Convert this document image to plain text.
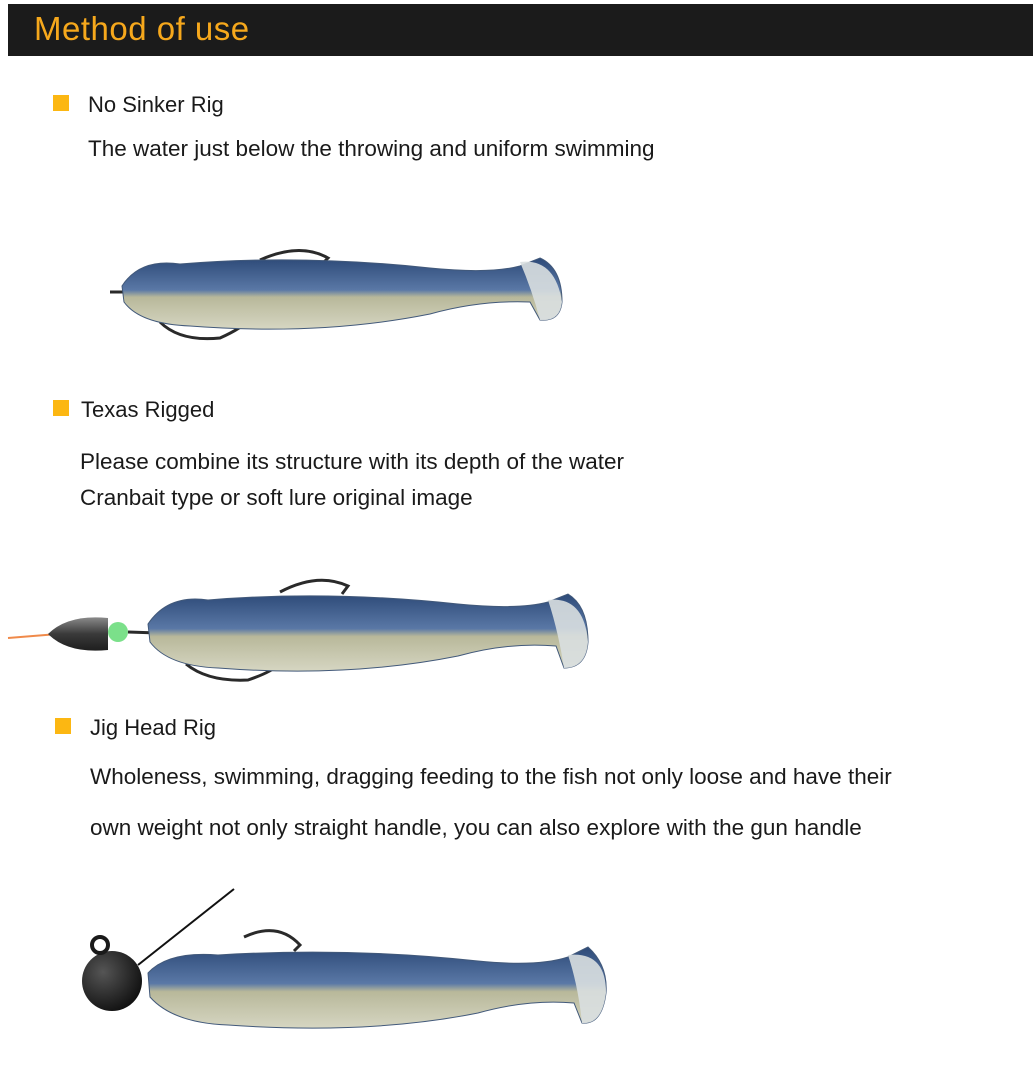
Method of use
No Sinker Rig
The water just below the throwing and uniform swimming
Texas Rigged
Please combine its structure with its depth of the water
Cranbait type or soft lure original image
Jig Head Rig
Wholeness, swimming, dragging feeding to the fish not only loose and have their
own weight not only straight handle, you can also explore with the gun handle
